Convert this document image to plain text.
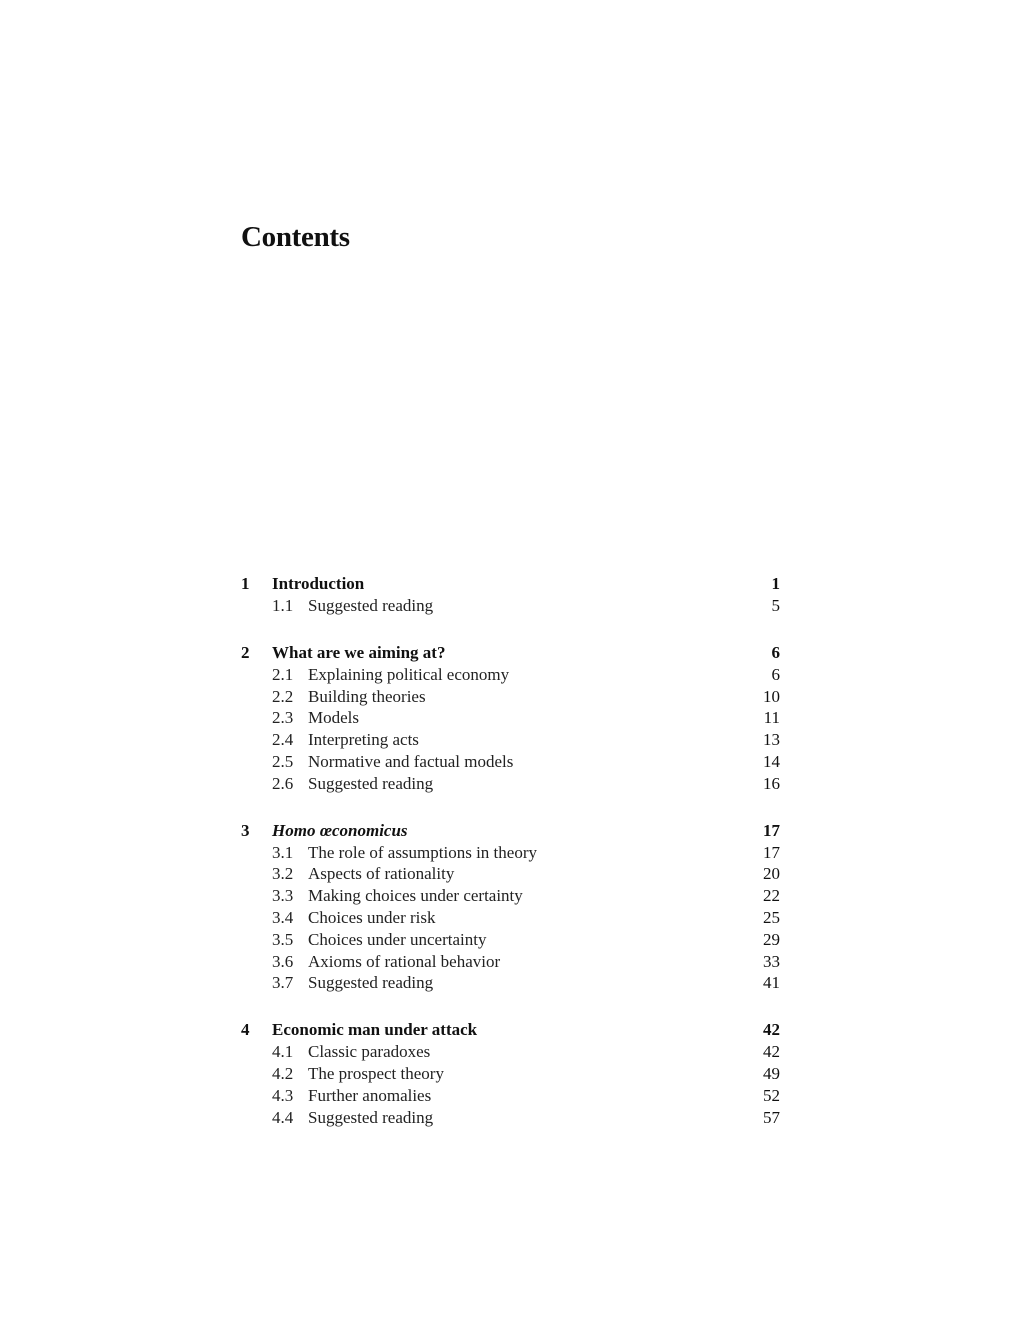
Contents
1 Introduction	1
1.1 Suggested reading	5
2 What are we aiming at?	6
2.1 Explaining political economy	6
2.2 Building theories	10
2.3 Models	11
2.4 Interpreting acts	13
2.5 Normative and factual models	14
2.6 Suggested reading	16
3 Homo œconomicus	17
3.1 The role of assumptions in theory	17
3.2 Aspects of rationality	20
3.3 Making choices under certainty	22
3.4 Choices under risk	25
3.5 Choices under uncertainty	29
3.6 Axioms of rational behavior	33
3.7 Suggested reading	41
4 Economic man under attack	42
4.1 Classic paradoxes	42
4.2 The prospect theory	49
4.3 Further anomalies	52
4.4 Suggested reading	57
